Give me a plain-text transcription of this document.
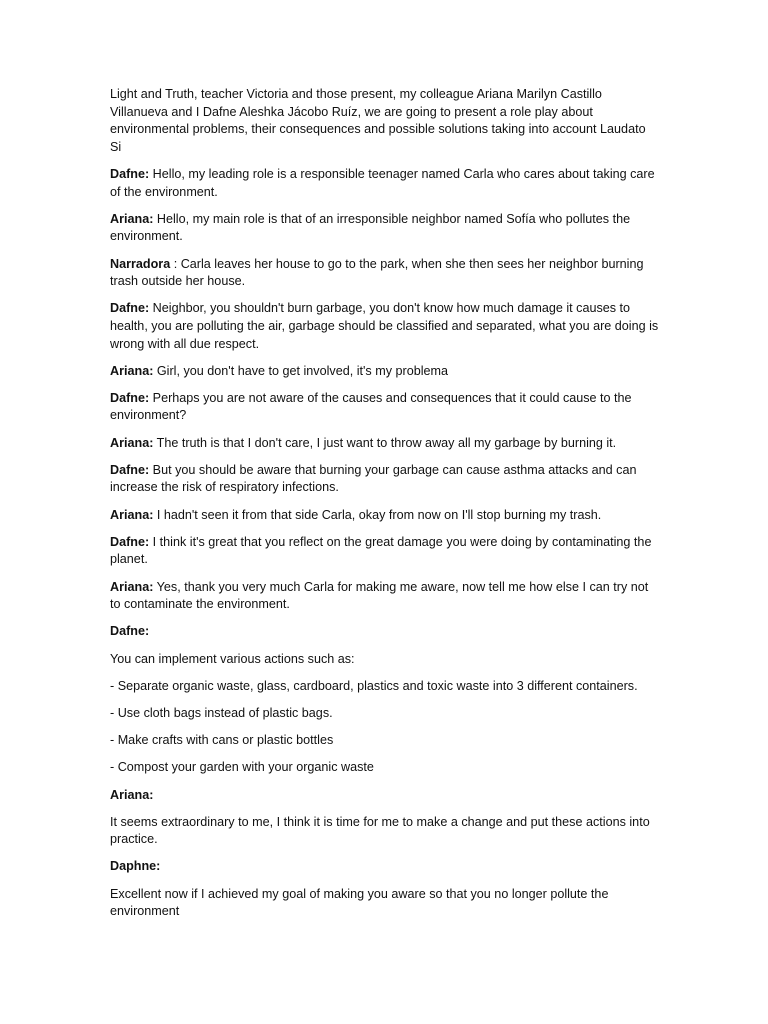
Light and Truth, teacher Victoria and those present, my colleague Ariana Marilyn Castillo Villanueva and I Dafne Aleshka Jácobo Ruíz, we are going to present a role play about environmental problems, their consequences and possible solutions taking into account Laudato Si

Dafne: Hello, my leading role is a responsible teenager named Carla who cares about taking care of the environment.

Ariana: Hello, my main role is that of an irresponsible neighbor named Sofía who pollutes the environment.

Narradora : Carla leaves her house to go to the park, when she then sees her neighbor burning trash outside her house.

Dafne: Neighbor, you shouldn't burn garbage, you don't know how much damage it causes to health, you are polluting the air, garbage should be classified and separated, what you are doing is wrong with all due respect.

Ariana: Girl, you don't have to get involved, it's my problema

Dafne: Perhaps you are not aware of the causes and consequences that it could cause to the environment?

Ariana: The truth is that I don't care, I just want to throw away all my garbage by burning it.

Dafne: But you should be aware that burning your garbage can cause asthma attacks and can increase the risk of respiratory infections.

Ariana: I hadn't seen it from that side Carla, okay from now on I'll stop burning my trash.

Dafne: I think it's great that you reflect on the great damage you were doing by contaminating the planet.

Ariana: Yes, thank you very much Carla for making me aware, now tell me how else I can try not to contaminate the environment.

Dafne:

You can implement various actions such as:

- Separate organic waste, glass, cardboard, plastics and toxic waste into 3 different containers.

- Use cloth bags instead of plastic bags.

- Make crafts with cans or plastic bottles

- Compost your garden with your organic waste

Ariana:

It seems extraordinary to me, I think it is time for me to make a change and put these actions into practice.

Daphne:

Excellent now if I achieved my goal of making you aware so that you no longer pollute the environment
